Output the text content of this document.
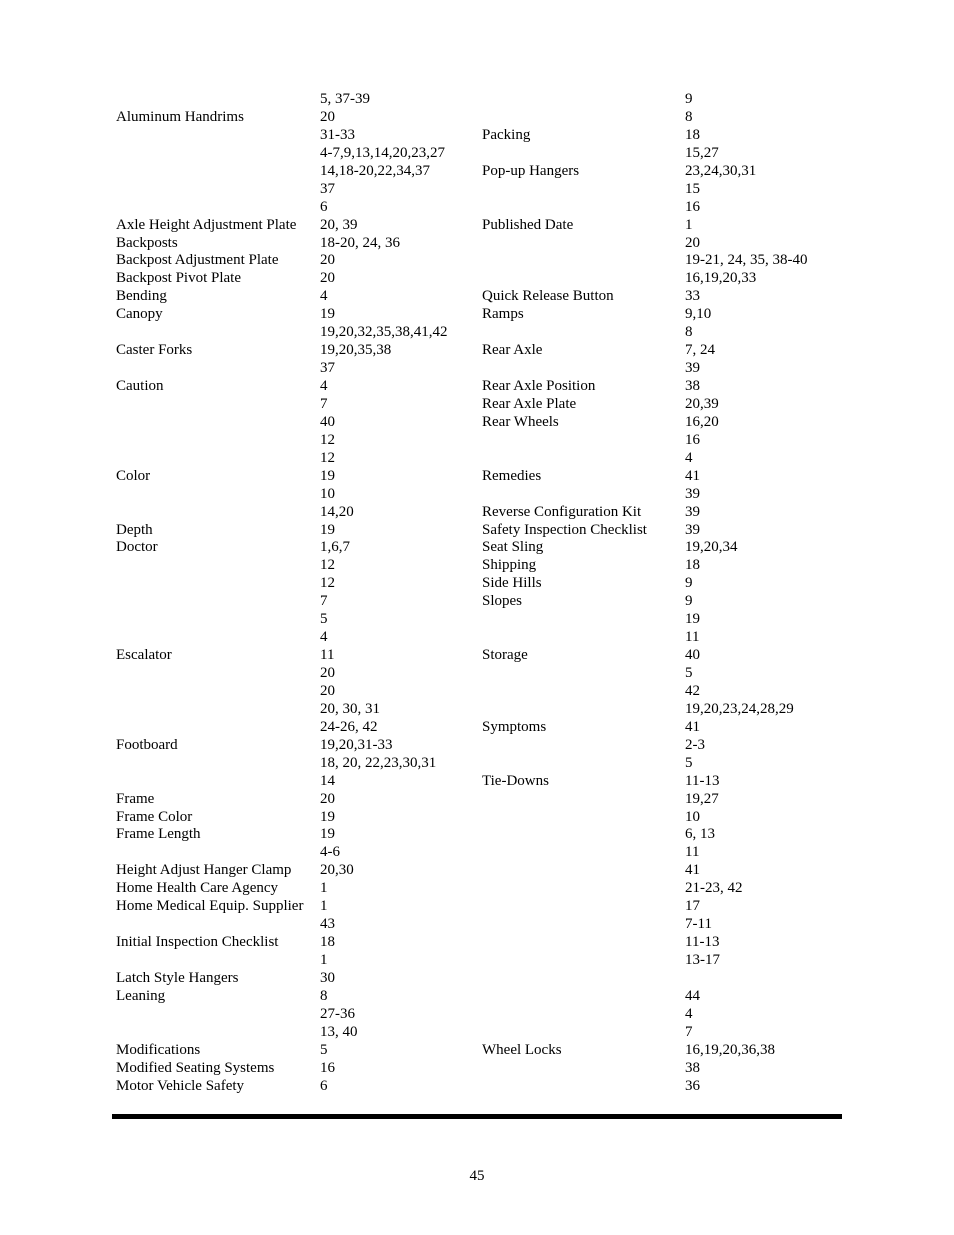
	5, 37-39		9
Aluminum Handrims	20		8
	31-33	Packing	18
	4-7,9,13,14,20,23,27		15,27
	14,18-20,22,34,37	Pop-up Hangers	23,24,30,31
	37		15
	6		16
Axle Height Adjustment Plate	20, 39	Published Date	1
Backposts	18-20, 24, 36		20
Backpost Adjustment Plate	20		19-21, 24, 35, 38-40
Backpost Pivot Plate	20		16,19,20,33
Bending	4	Quick Release Button	33
Canopy	19	Ramps	9,10
	19,20,32,35,38,41,42		8
Caster Forks	19,20,35,38	Rear Axle	7, 24
	37		39
Caution	4	Rear Axle Position	38
	7	Rear Axle Plate	20,39
	40	Rear Wheels	16,20
	12		16
	12		4
Color	19	Remedies	41
	10		39
	14,20	Reverse Configuration Kit	39
Depth	19	Safety Inspection Checklist	39
Doctor	1,6,7	Seat Sling	19,20,34
	12	Shipping	18
	12	Side Hills	9
	7	Slopes	9
	5		19
	4		11
Escalator	11	Storage	40
	20		5
	20		42
	20, 30, 31		19,20,23,24,28,29
	24-26, 42	Symptoms	41
Footboard	19,20,31-33		2-3
	18, 20, 22,23,30,31		5
	14	Tie-Downs	11-13
Frame	20		19,27
Frame Color	19		10
Frame Length	19		6, 13
	4-6		11
Height Adjust Hanger Clamp	20,30		41
Home Health Care Agency	1		21-23, 42
Home Medical Equip. Supplier	1		17
	43		7-11
Initial Inspection Checklist	18		11-13
	1		13-17
Latch Style Hangers	30		
Leaning	8		44
	27-36		4
	13, 40		7
Modifications	5	Wheel Locks	16,19,20,36,38
Modified Seating Systems	16		38
Motor Vehicle Safety	6		36
45
